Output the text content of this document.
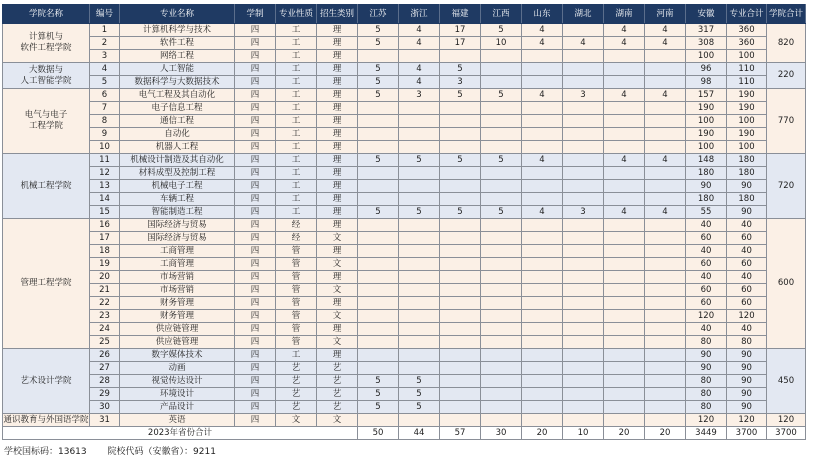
学院名称	编号	专业名称	学制	专业性质	招生类别	江苏	浙江	福建	江西	山东	湖北	湖南	河南	安徽	专业合计	学院合计
计算机与
软件工程学院	1	计算机科学与技术	四	工	理	5	4	17	5	4		4	4	317	360	820
	2	软件工程	四	工	理	5	4	17	10	4	4	4	4	308	360	
	3	网络工程	四	工	理									100	100	
大数据与
人工智能学院	4	人工智能	四	工	理	5	4	5						96	110	220
	5	数据科学与大数据技术	四	工	理	5	4	3						98	110	
电气与电子
工程学院	6	电气工程及其自动化	四	工	理	5	3	5	5	4	3	4	4	157	190	770
	7	电子信息工程	四	工	理									190	190	
	8	通信工程	四	工	理									100	100	
	9	自动化	四	工	理									190	190	
	10	机器人工程	四	工	理									100	100	
机械工程学院	11	机械设计制造及其自动化	四	工	理	5	5	5	5	4		4	4	148	180	720
	12	材料成型及控制工程	四	工	理									180	180	
	13	机械电子工程	四	工	理									90	90	
	14	车辆工程	四	工	理									180	180	
	15	智能制造工程	四	工	理	5	5	5	5	4	3	4	4	55	90	
管理工程学院	16	国际经济与贸易	四	经	理									40	40	600
	17	国际经济与贸易	四	经	文									60	60	
	18	工商管理	四	管	理									40	40	
	19	工商管理	四	管	文									60	60	
	20	市场营销	四	管	理									40	40	
	21	市场营销	四	管	文									60	60	
	22	财务管理	四	管	理									60	60	
	23	财务管理	四	管	文									120	120	
	24	供应链管理	四	管	理									40	40	
	25	供应链管理	四	管	文									80	80	
艺术设计学院	26	数字媒体技术	四	工	理									90	90	450
	27	动画	四	艺	艺									90	90	
	28	视觉传达设计	四	艺	艺	5	5							80	90	
	29	环境设计	四	艺	艺	5	5							80	90	
	30	产品设计	四	艺	艺	5	5							80	90	
通识教育与外国语学院	31	英语	四	文	文									120	120	120
2023年省份合计						50	44	57	30	20	10	20	20	3449	3700	3700
学校国标码：13613 院校代码（安徽省）：9211
